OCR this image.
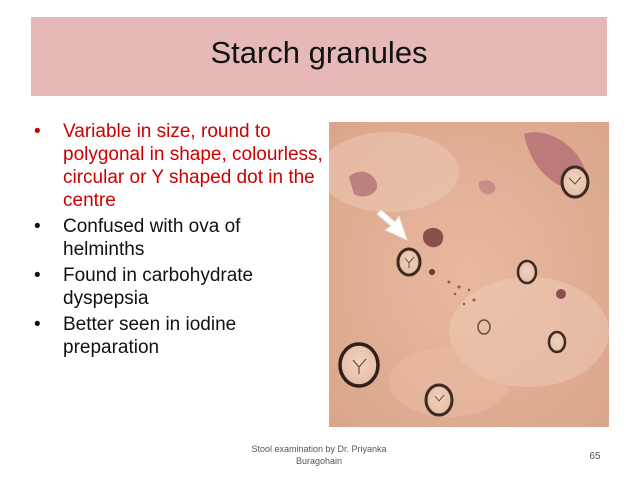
Starch granules
• Variable in size, round to polygonal in shape, colourless, circular or Y shaped dot in the centre
• Confused with ova of helminths
• Found in carbohydrate dyspepsia
• Better seen in iodine preparation
Stool examination by Dr. Priyanka Buragohain	65
